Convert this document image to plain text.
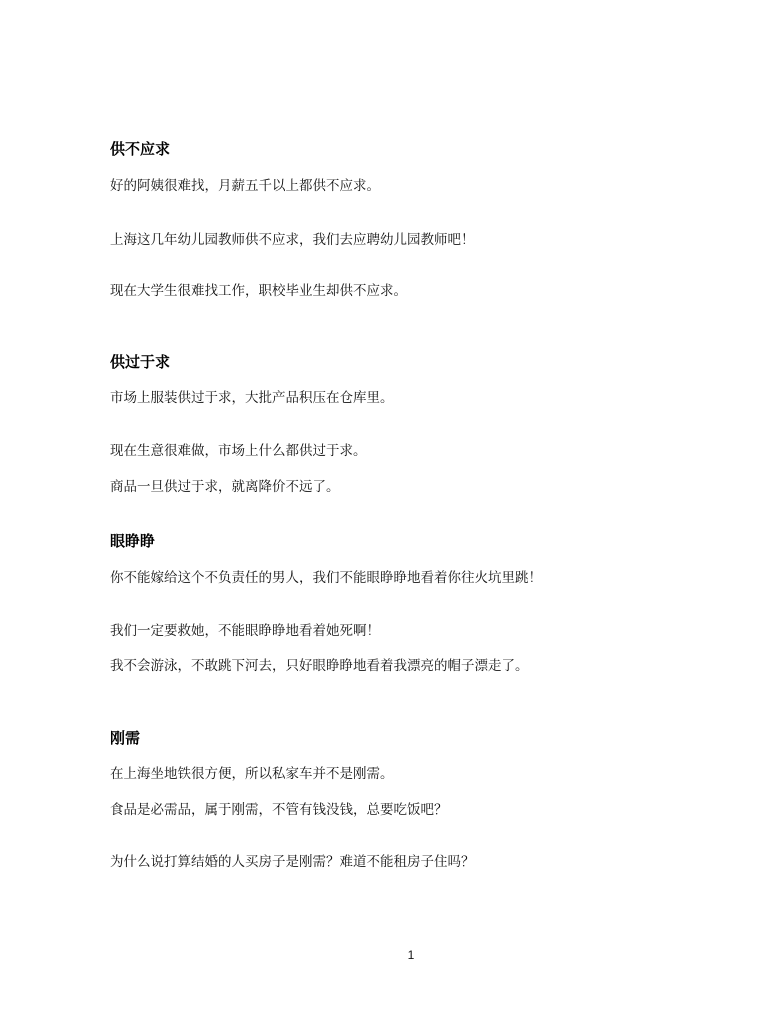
供不应求
好的阿姨很难找，月薪五千以上都供不应求。
上海这几年幼儿园教师供不应求，我们去应聘幼儿园教师吧！
现在大学生很难找工作，职校毕业生却供不应求。
供过于求
市场上服装供过于求，大批产品积压在仓库里。
现在生意很难做，市场上什么都供过于求。
商品一旦供过于求，就离降价不远了。
眼睁睁
你不能嫁给这个不负责任的男人，我们不能眼睁睁地看着你往火坑里跳！
我们一定要救她，不能眼睁睁地看着她死啊！
我不会游泳，不敢跳下河去，只好眼睁睁地看着我漂亮的帽子漂走了。
刚需
在上海坐地铁很方便，所以私家车并不是刚需。
食品是必需品，属于刚需，不管有钱没钱，总要吃饭吧？
为什么说打算结婚的人买房子是刚需？难道不能租房子住吗？
1
